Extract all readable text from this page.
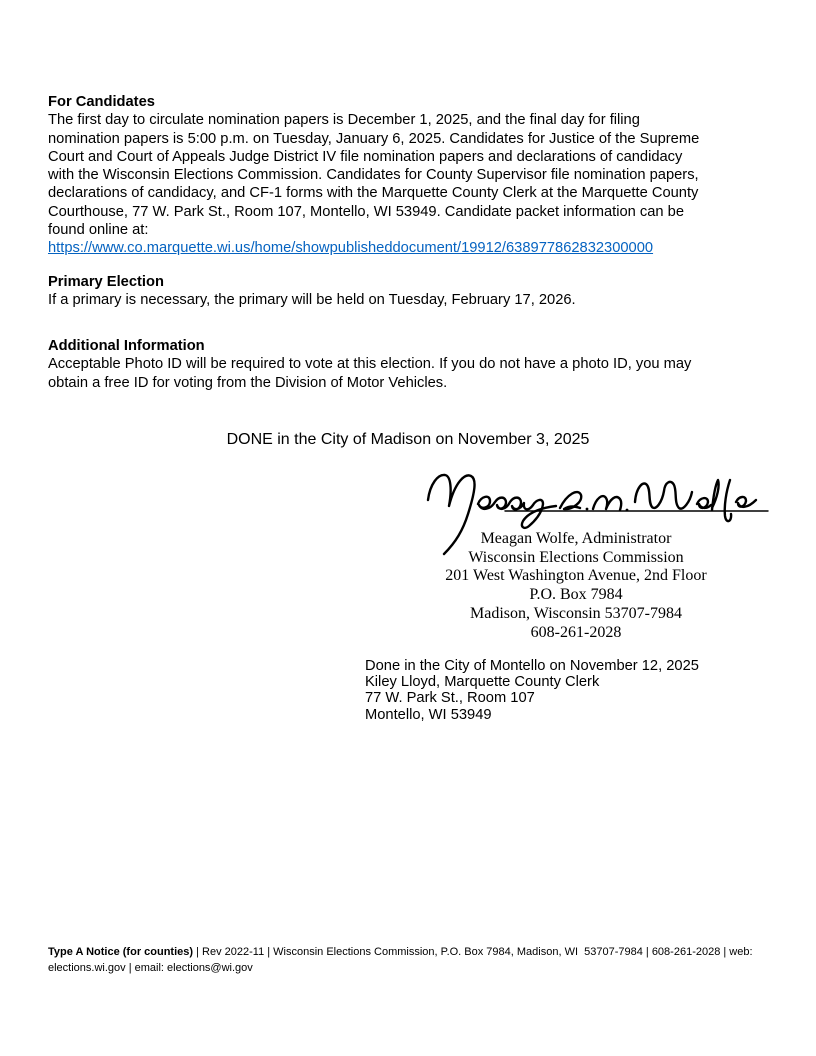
For Candidates
The first day to circulate nomination papers is December 1, 2025, and the final day for filing
nomination papers is 5:00 p.m. on Tuesday, January 6, 2025. Candidates for Justice of the Supreme
Court and Court of Appeals Judge District IV file nomination papers and declarations of candidacy
with the Wisconsin Elections Commission. Candidates for County Supervisor file nomination papers,
declarations of candidacy, and CF-1 forms with the Marquette County Clerk at the Marquette County
Courthouse, 77 W. Park St., Room 107, Montello, WI 53949. Candidate packet information can be
found online at:
https://www.co.marquette.wi.us/home/showpublisheddocument/19912/638977862832300000
Primary Election
If a primary is necessary, the primary will be held on Tuesday, February 17, 2026.
Additional Information
Acceptable Photo ID will be required to vote at this election. If you do not have a photo ID, you may
obtain a free ID for voting from the Division of Motor Vehicles.
DONE in the City of Madison on November 3, 2025
Meagan Wolfe, Administrator
Wisconsin Elections Commission
201 West Washington Avenue, 2nd Floor
P.O. Box 7984
Madison, Wisconsin 53707-7984
608-261-2028
Done in the City of Montello on November 12, 2025
Kiley Lloyd, Marquette County Clerk
77 W. Park St., Room 107
Montello, WI 53949
Type A Notice (for counties) | Rev 2022-11 | Wisconsin Elections Commission, P.O. Box 7984, Madison, WI  53707-7984 | 608-261-2028 | web:
elections.wi.gov | email: elections@wi.gov
